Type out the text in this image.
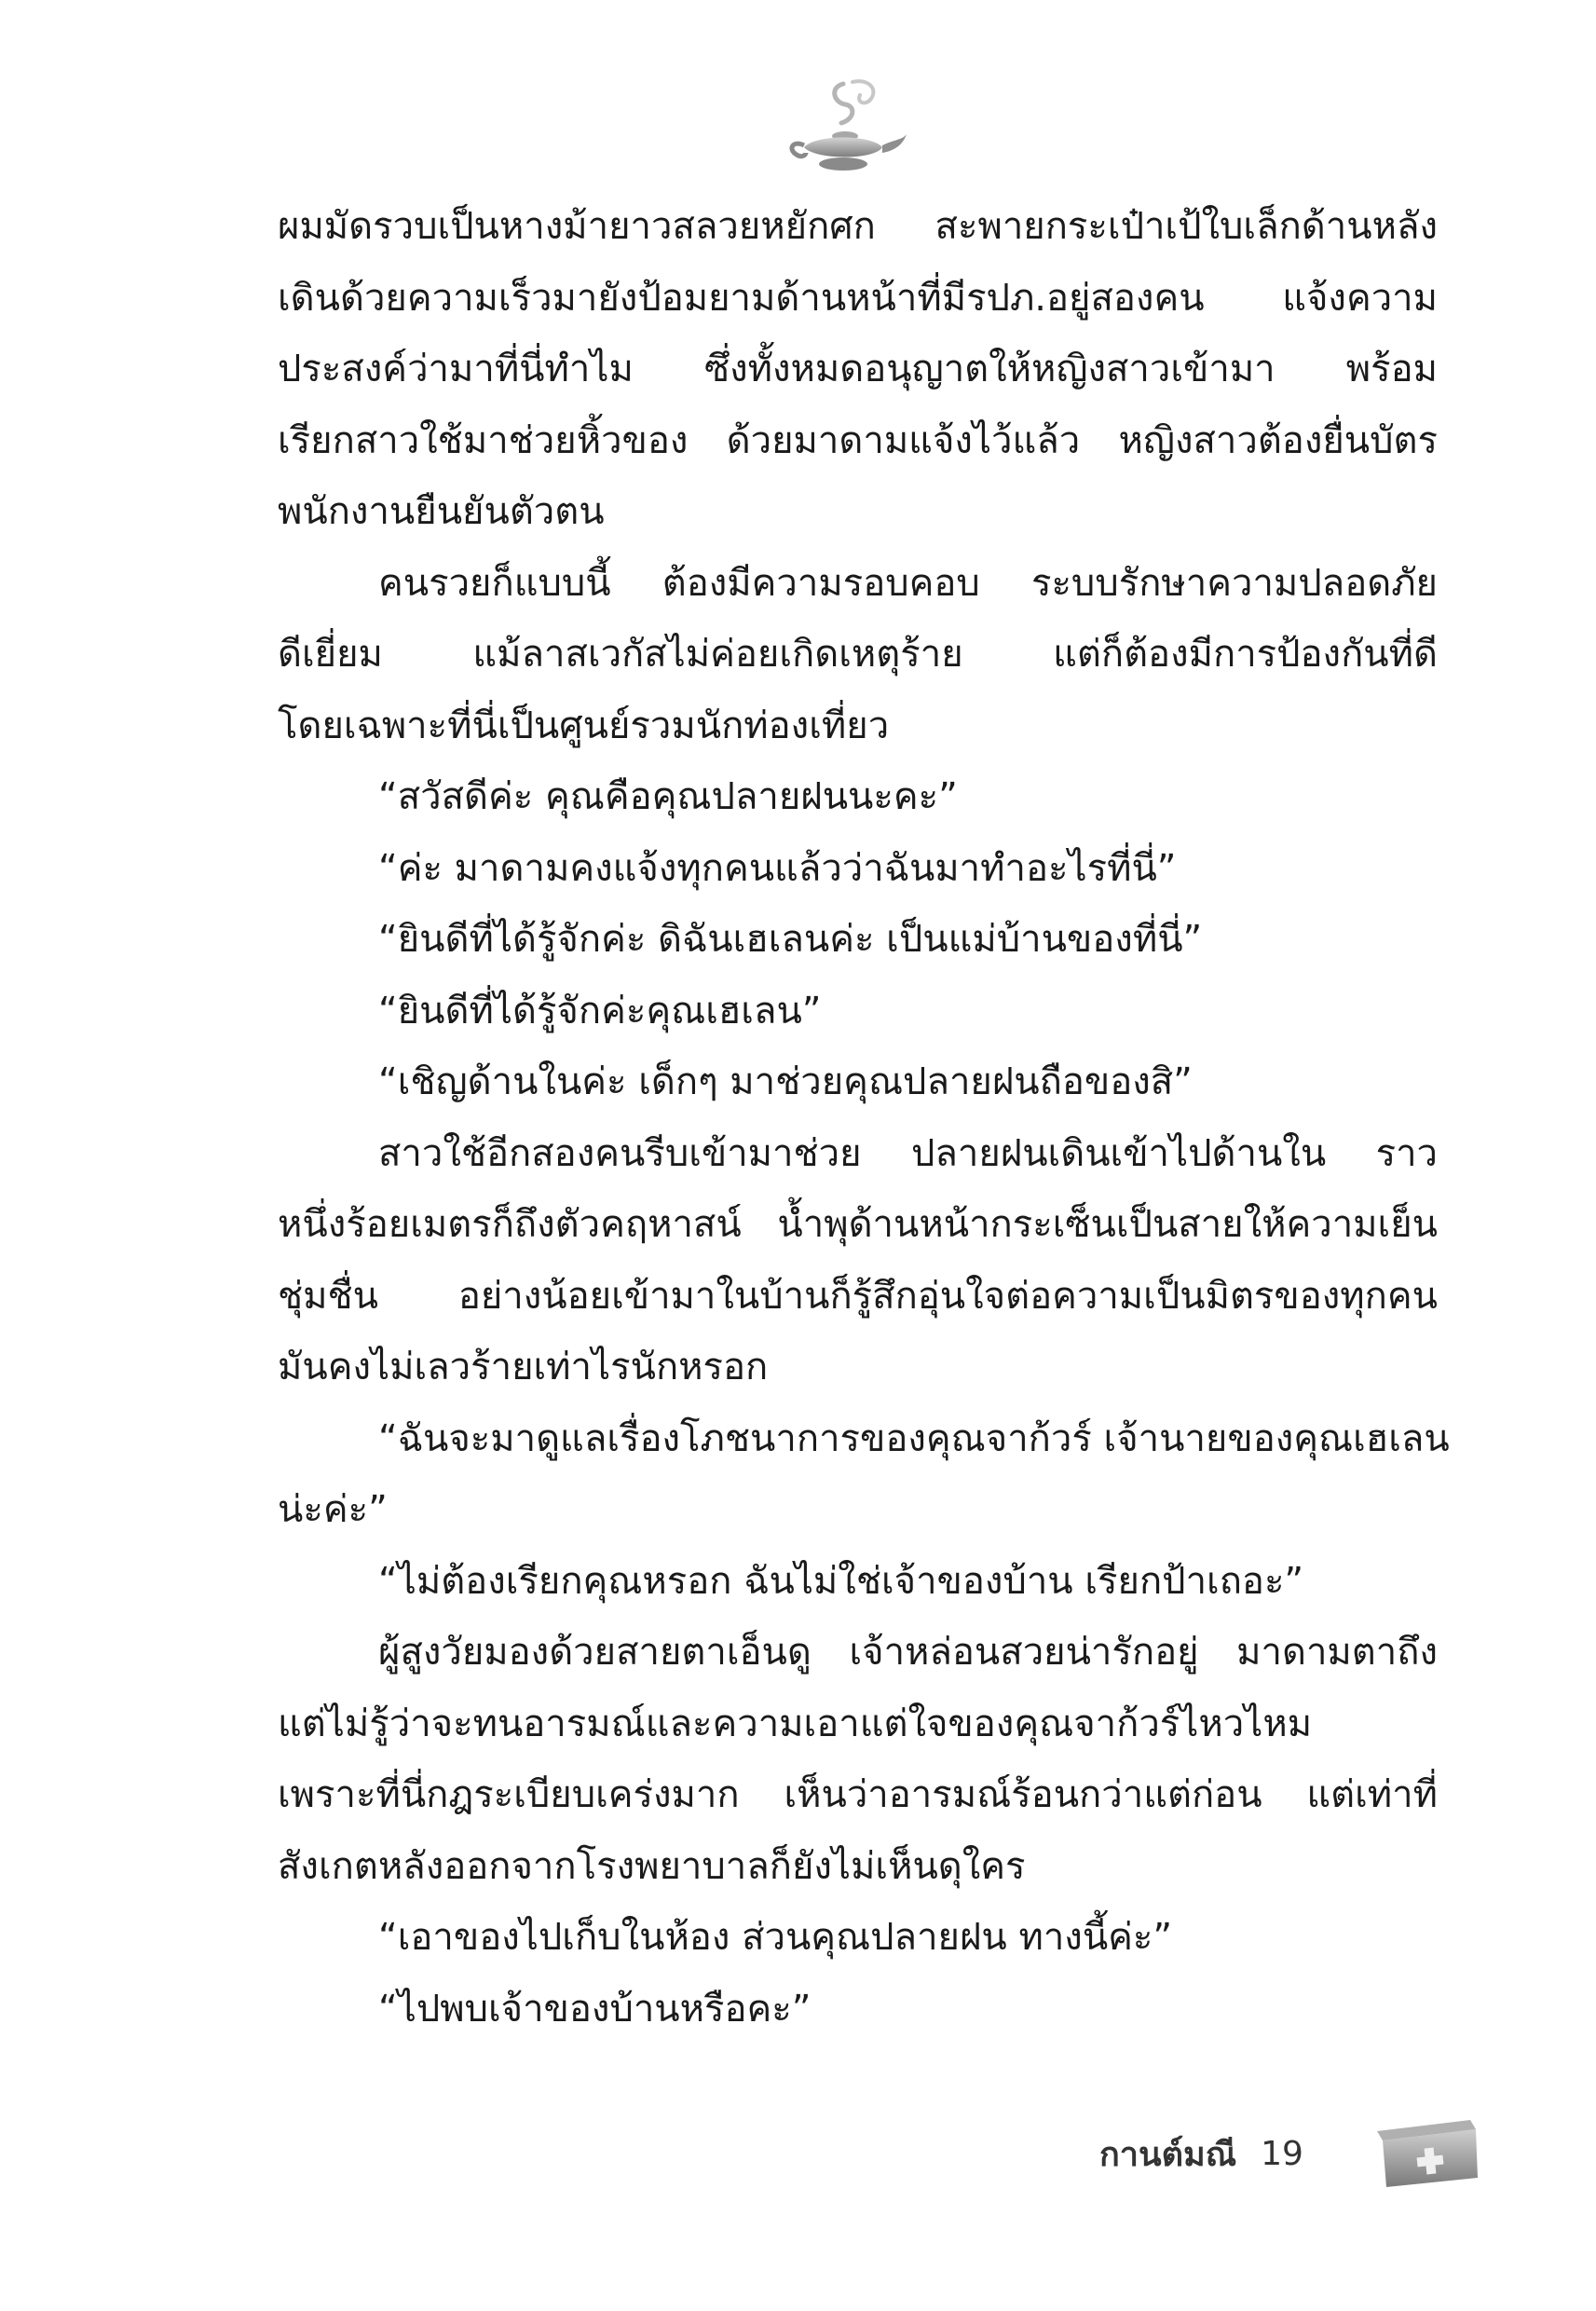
ผมมัดรวบเป็นหางม้ายาวสลวยหยักศก สะพายกระเป๋าเป้ใบเล็กด้านหลัง
เดินด้วยความเร็วมายังป้อมยามด้านหน้าที่มีรปภ.อยู่สองคน แจ้งความ
ประสงค์ว่ามาที่นี่ทำไม ซึ่งทั้งหมดอนุญาตให้หญิงสาวเข้ามา พร้อม
เรียกสาวใช้มาช่วยหิ้วของ ด้วยมาดามแจ้งไว้แล้ว หญิงสาวต้องยื่นบัตร
พนักงานยืนยันตัวตน
คนรวยก็แบบนี้ ต้องมีความรอบคอบ ระบบรักษาความปลอดภัย
ดีเยี่ยม แม้ลาสเวกัสไม่ค่อยเกิดเหตุร้าย แต่ก็ต้องมีการป้องกันที่ดี
โดยเฉพาะที่นี่เป็นศูนย์รวมนักท่องเที่ยว
“สวัสดีค่ะ คุณคือคุณปลายฝนนะคะ”
“ค่ะ มาดามคงแจ้งทุกคนแล้วว่าฉันมาทำอะไรที่นี่”
“ยินดีที่ได้รู้จักค่ะ ดิฉันเฮเลนค่ะ เป็นแม่บ้านของที่นี่”
“ยินดีที่ได้รู้จักค่ะคุณเฮเลน”
“เชิญด้านในค่ะ เด็กๆ มาช่วยคุณปลายฝนถือของสิ”
สาวใช้อีกสองคนรีบเข้ามาช่วย ปลายฝนเดินเข้าไปด้านใน ราว
หนึ่งร้อยเมตรก็ถึงตัวคฤหาสน์ น้ำพุด้านหน้ากระเซ็นเป็นสายให้ความเย็น
ชุ่มชื่น อย่างน้อยเข้ามาในบ้านก็รู้สึกอุ่นใจต่อความเป็นมิตรของทุกคน
มันคงไม่เลวร้ายเท่าไรนักหรอก
“ฉันจะมาดูแลเรื่องโภชนาการของคุณจาก้วร์ เจ้านายของคุณเฮเลน
น่ะค่ะ”
“ไม่ต้องเรียกคุณหรอก ฉันไม่ใช่เจ้าของบ้าน เรียกป้าเถอะ”
ผู้สูงวัยมองด้วยสายตาเอ็นดู เจ้าหล่อนสวยน่ารักอยู่ มาดามตาถึง
แต่ไม่รู้ว่าจะทนอารมณ์และความเอาแต่ใจของคุณจาก้วร์ไหวไหม
เพราะที่นี่กฎระเบียบเคร่งมาก เห็นว่าอารมณ์ร้อนกว่าแต่ก่อน แต่เท่าที่
สังเกตหลังออกจากโรงพยาบาลก็ยังไม่เห็นดุใคร
“เอาของไปเก็บในห้อง ส่วนคุณปลายฝน ทางนี้ค่ะ”
“ไปพบเจ้าของบ้านหรือคะ”
กานต์มณี 19
